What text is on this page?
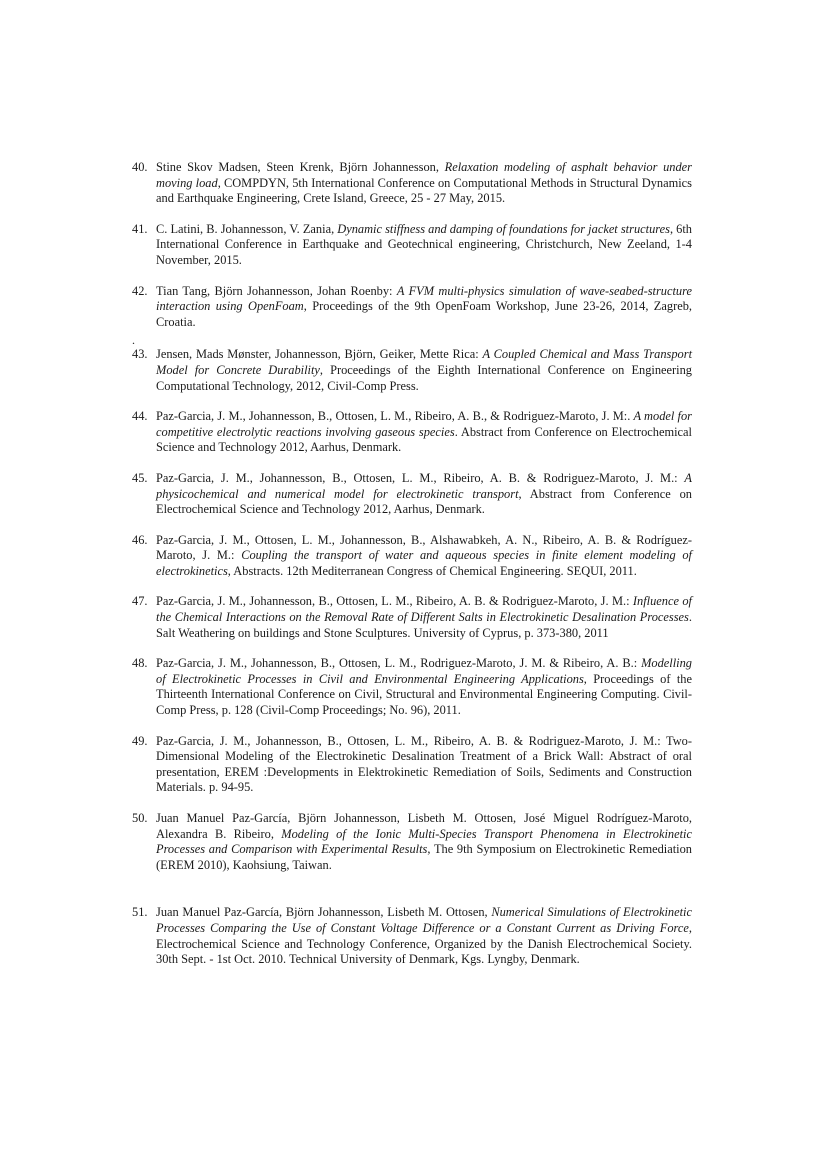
.
40. Stine Skov Madsen, Steen Krenk, Björn Johannesson, Relaxation modeling of asphalt behavior under moving load, COMPDYN, 5th International Conference on Computational Methods in Structural Dynamics and Earthquake Engineering, Crete Island, Greece, 25 - 27 May, 2015.
41. C. Latini, B. Johannesson, V. Zania, Dynamic stiffness and damping of foundations for jacket structures, 6th International Conference in Earthquake and Geotechnical engineering, Christchurch, New Zeeland, 1-4 November, 2015.
42. Tian Tang, Björn Johannesson, Johan Roenby: A FVM multi-physics simulation of wave-seabed-structure interaction using OpenFoam, Proceedings of the 9th OpenFoam Workshop, June 23-26, 2014, Zagreb, Croatia.
43. Jensen, Mads Mønster, Johannesson, Björn, Geiker, Mette Rica: A Coupled Chemical and Mass Transport Model for Concrete Durability, Proceedings of the Eighth International Conference on Engineering Computational Technology, 2012, Civil-Comp Press.
44. Paz-Garcia, J. M., Johannesson, B., Ottosen, L. M., Ribeiro, A. B., & Rodriguez-Maroto, J. M:. A model for competitive electrolytic reactions involving gaseous species. Abstract from Conference on Electrochemical Science and Technology 2012, Aarhus, Denmark.
45. Paz-Garcia, J. M., Johannesson, B., Ottosen, L. M., Ribeiro, A. B. & Rodriguez-Maroto, J. M.: A physicochemical and numerical model for electrokinetic transport, Abstract from Conference on Electrochemical Science and Technology 2012, Aarhus, Denmark.
46. Paz-Garcia, J. M., Ottosen, L. M., Johannesson, B., Alshawabkeh, A. N., Ribeiro, A. B. & Rodríguez-Maroto, J. M.: Coupling the transport of water and aqueous species in finite element modeling of electrokinetics, Abstracts. 12th Mediterranean Congress of Chemical Engineering. SEQUI, 2011.
47. Paz-Garcia, J. M., Johannesson, B., Ottosen, L. M., Ribeiro, A. B. & Rodriguez-Maroto, J. M.: Influence of the Chemical Interactions on the Removal Rate of Different Salts in Electrokinetic Desalination Processes. Salt Weathering on buildings and Stone Sculptures. University of Cyprus, p. 373-380, 2011
48. Paz-Garcia, J. M., Johannesson, B., Ottosen, L. M., Rodriguez-Maroto, J. M. & Ribeiro, A. B.: Modelling of Electrokinetic Processes in Civil and Environmental Engineering Applications, Proceedings of the Thirteenth International Conference on Civil, Structural and Environmental Engineering Computing. Civil-Comp Press, p. 128 (Civil-Comp Proceedings; No. 96), 2011.
49. Paz-Garcia, J. M., Johannesson, B., Ottosen, L. M., Ribeiro, A. B. & Rodriguez-Maroto, J. M.: Two-Dimensional Modeling of the Electrokinetic Desalination Treatment of a Brick Wall: Abstract of oral presentation, EREM :Developments in Elektrokinetic Remediation of Soils, Sediments and Construction Materials. p. 94-95.
50. Juan Manuel Paz-García, Björn Johannesson, Lisbeth M. Ottosen, José Miguel Rodríguez-Maroto, Alexandra B. Ribeiro, Modeling of the Ionic Multi-Species Transport Phenomena in Electrokinetic Processes and Comparison with Experimental Results, The 9th Symposium on Electrokinetic Remediation (EREM 2010), Kaohsiung, Taiwan.
51. Juan Manuel Paz-García, Björn Johannesson, Lisbeth M. Ottosen, Numerical Simulations of Electrokinetic Processes Comparing the Use of Constant Voltage Difference or a Constant Current as Driving Force, Electrochemical Science and Technology Conference, Organized by the Danish Electrochemical Society. 30th Sept. - 1st Oct. 2010. Technical University of Denmark, Kgs. Lyngby, Denmark.
